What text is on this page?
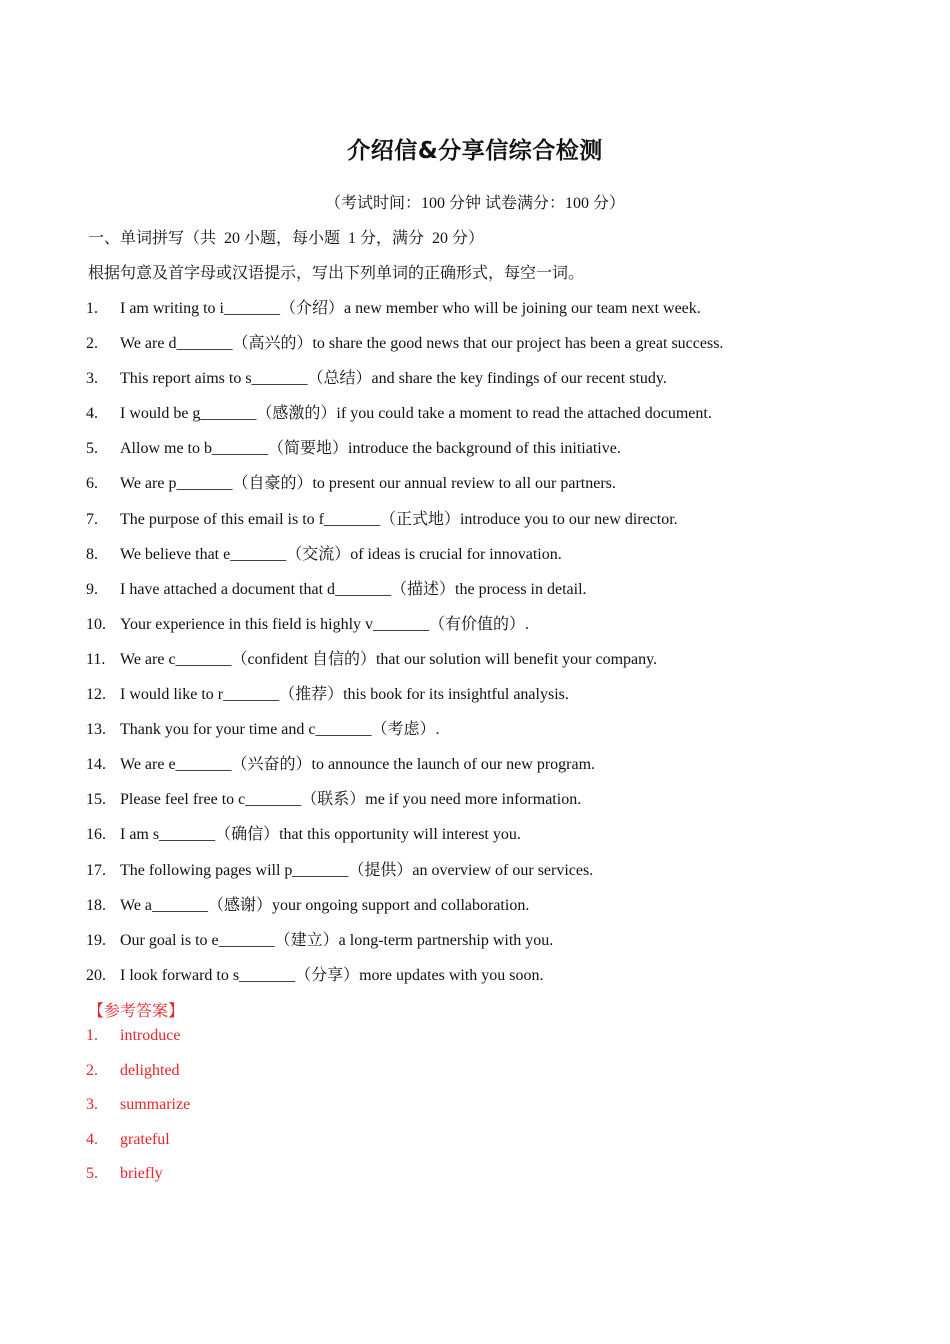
介绍信&分享信综合检测
（考试时间：100 分钟 试卷满分：100 分）
一、单词拼写（共  20 小题，每小题  1 分，满分  20 分）
根据句意及首字母或汉语提示，写出下列单词的正确形式，每空一词。
1.	I am writing to i_______（介绍）a new member who will be joining our team next week.
2.	We are d_______（高兴的）to share the good news that our project has been a great success.
3.	This report aims to s_______（总结）and share the key findings of our recent study.
4.	I would be g_______（感激的）if you could take a moment to read the attached document.
5.	Allow me to b_______（简要地）introduce the background of this initiative.
6.	We are p_______（自豪的）to present our annual review to all our partners.
7.	The purpose of this email is to f_______（正式地）introduce you to our new director.
8.	We believe that e_______（交流）of ideas is crucial for innovation.
9.	I have attached a document that d_______（描述）the process in detail.
10. Your experience in this field is highly v_______（有价值的）.
11. We are c_______（confident 自信的）that our solution will benefit your company.
12. I would like to r_______（推荐）this book for its insightful analysis.
13. Thank you for your time and c_______（考虑）.
14. We are e_______（兴奋的）to announce the launch of our new program.
15. Please feel free to c_______（联系）me if you need more information.
16. I am s_______（确信）that this opportunity will interest you.
17. The following pages will p_______（提供）an overview of our services.
18. We a_______（感谢）your ongoing support and collaboration.
19. Our goal is to e_______（建立）a long-term partnership with you.
20. I look forward to s_______（分享）more updates with you soon.
【参考答案】
1.	introduce
2.	delighted
3.	summarize
4.	grateful
5.	briefly
